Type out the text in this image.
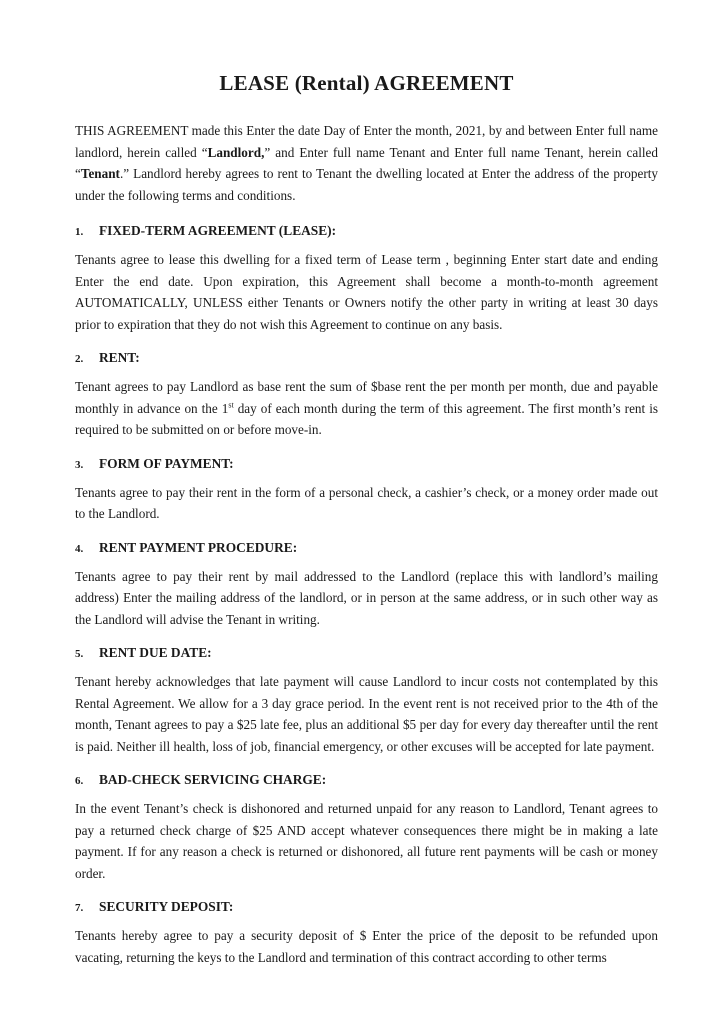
LEASE (Rental) AGREEMENT

THIS AGREEMENT made this Enter the date Day of Enter the month, 2021, by and between Enter full name landlord, herein called “Landlord,” and Enter full name Tenant and Enter full name Tenant, herein called “Tenant.” Landlord hereby agrees to rent to Tenant the dwelling located at Enter the address of the property under the following terms and conditions.

1.	FIXED-TERM AGREEMENT (LEASE):

Tenants agree to lease this dwelling for a fixed term of Lease term , beginning Enter start date and ending Enter the end date. Upon expiration, this Agreement shall become a month-to-month agreement AUTOMATICALLY, UNLESS either Tenants or Owners notify the other party in writing at least 30 days prior to expiration that they do not wish this Agreement to continue on any basis.

2.	RENT:

Tenant agrees to pay Landlord as base rent the sum of $base rent the per month per month, due and payable monthly in advance on the 1st day of each month during the term of this agreement. The first month’s rent is required to be submitted on or before move-in.

3.	FORM OF PAYMENT:

Tenants agree to pay their rent in the form of a personal check, a cashier’s check, or a money order made out to the Landlord.

4.	RENT PAYMENT PROCEDURE:

Tenants agree to pay their rent by mail addressed to the Landlord (replace this with landlord’s mailing address) Enter the mailing address of the landlord, or in person at the same address, or in such other way as the Landlord will advise the Tenant in writing.

5.	RENT DUE DATE:

Tenant hereby acknowledges that late payment will cause Landlord to incur costs not contemplated by this Rental Agreement. We allow for a 3 day grace period. In the event rent is not received prior to the 4th of the month, Tenant agrees to pay a $25 late fee, plus an additional $5 per day for every day thereafter until the rent is paid. Neither ill health, loss of job, financial emergency, or other excuses will be accepted for late payment.

6.	BAD-CHECK SERVICING CHARGE:

In the event Tenant’s check is dishonored and returned unpaid for any reason to Landlord, Tenant agrees to pay a returned check charge of $25 AND accept whatever consequences there might be in making a late payment. If for any reason a check is returned or dishonored, all future rent payments will be cash or money order.

7.	SECURITY DEPOSIT:

Tenants hereby agree to pay a security deposit of $ Enter the price of the deposit to be refunded upon vacating, returning the keys to the Landlord and termination of this contract according to other terms
